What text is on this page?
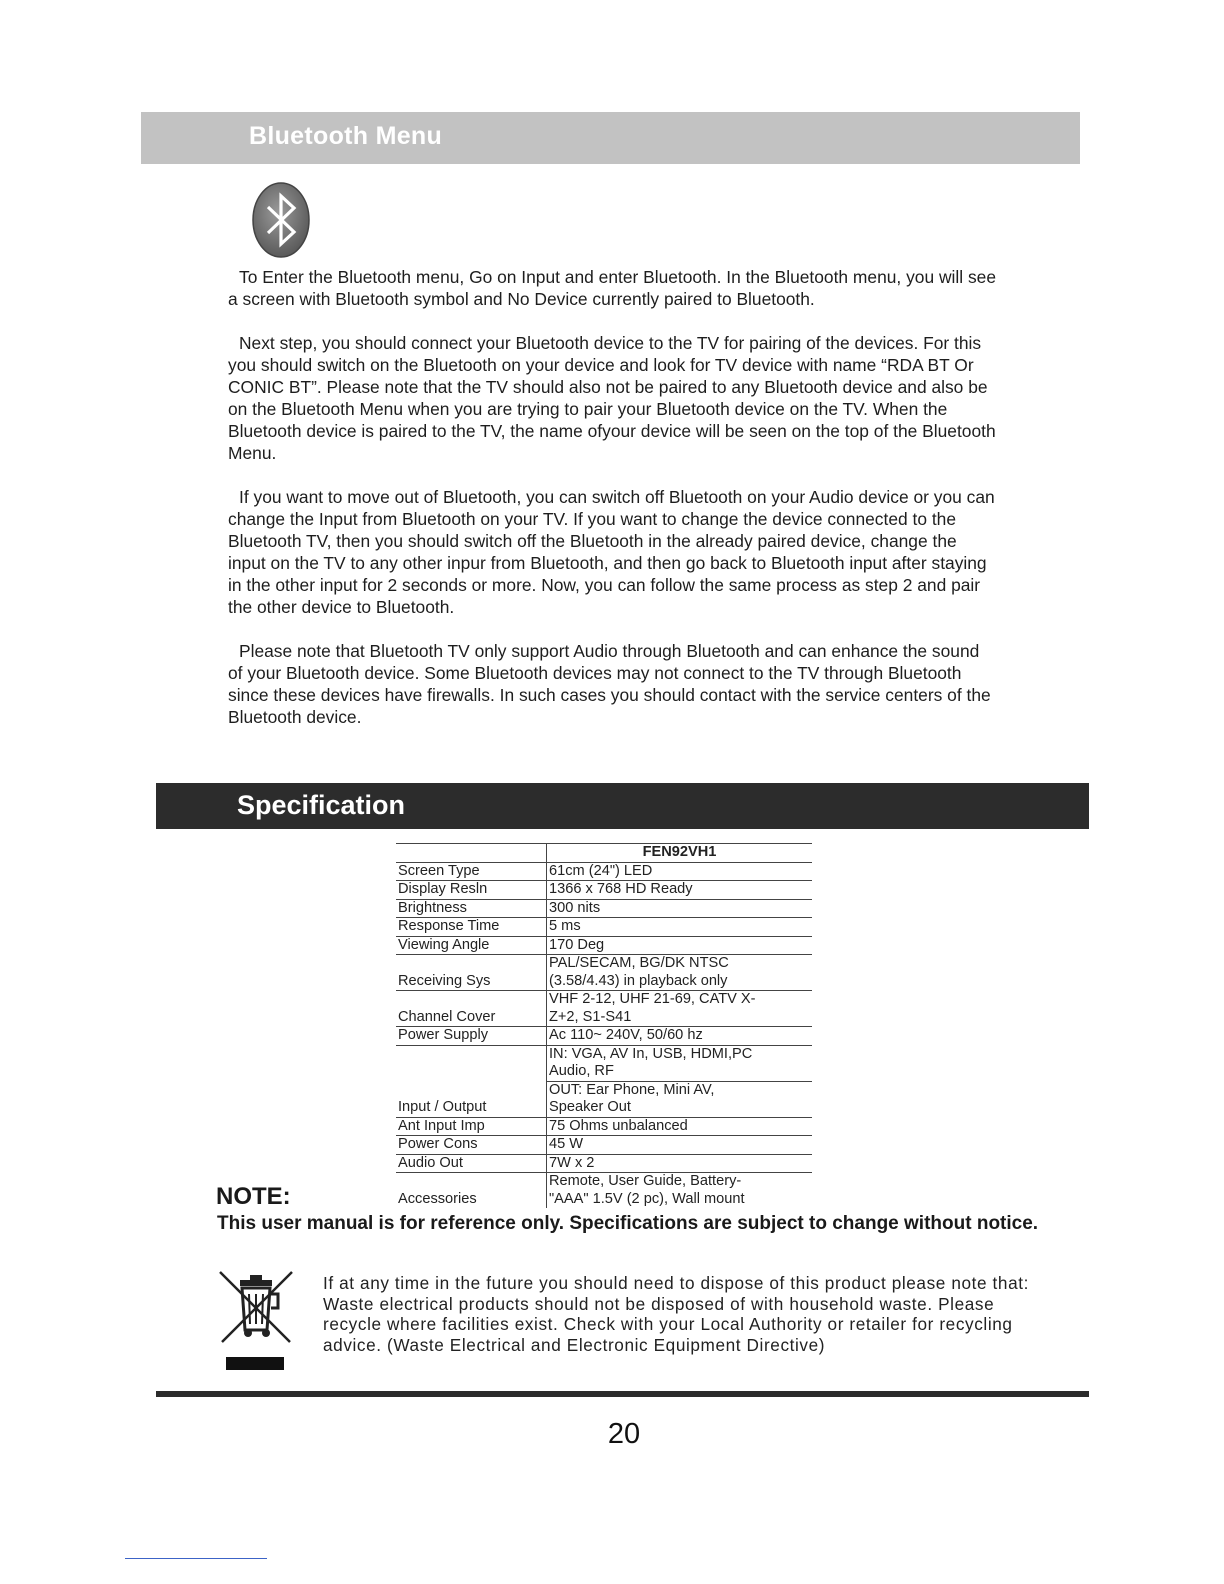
Bluetooth Menu

To Enter the Bluetooth menu, Go on Input and enter Bluetooth. In the Bluetooth menu, you will see a screen with Bluetooth symbol and No Device currently paired to Bluetooth.

Next step, you should connect your Bluetooth device to the TV for pairing of the devices. For this you should switch on the Bluetooth on your device and look for TV device with name “RDA BT Or CONIC BT”. Please note that the TV should also not be paired to any Bluetooth device and also be on the Bluetooth Menu when you are trying to pair your Bluetooth device on the TV. When the Bluetooth device is paired to the TV, the name ofyour device will be seen on the top of the Bluetooth Menu.

If you want to move out of Bluetooth, you can switch off Bluetooth on your Audio device or you can change the Input from Bluetooth on your TV. If you want to change the device connected to the Bluetooth TV, then you should switch off the Bluetooth in the already paired device, change the input on the TV to any other inpur from Bluetooth, and then go back to Bluetooth input after staying in the other input for 2 seconds or more. Now, you can follow the same process as step 2 and pair the other device to Bluetooth.

Please note that Bluetooth TV only support Audio through Bluetooth and can enhance the sound of your Bluetooth device. Some Bluetooth devices may not connect to the TV through Bluetooth since these devices have firewalls. In such cases you should contact with the service centers of the Bluetooth device.

Specification
	FEN92VH1
Screen Type	61cm (24") LED
Display Resln	1366 x 768 HD Ready
Brightness	300 nits
Response Time	5 ms
Viewing Angle	170 Deg
Receiving Sys	PAL/SECAM, BG/DK NTSC
(3.58/4.43) in playback only

Channel Cover	VHF 2-12, UHF 21-69, CATV X-
Z+2, S1-S41

Power Supply	Ac 110~ 240V, 50/60 hz

	IN: VGA, AV In, USB, HDMI,PC
Audio, RF

Input / Output	OUT: Ear Phone, Mini AV,
Speaker Out

Ant Input Imp	75 Ohms unbalanced
Power Cons	45 W
Audio Out	7W x 2
Accessories	Remote, User Guide, Battery-
"AAA" 1.5V (2 pc), Wall mount
NOTE:
This user manual is for reference only. Specifications are subject to change without notice.
If at any time in the future you should need to dispose of this product please note that: Waste electrical products should not be disposed of with household waste. Please recycle where facilities exist. Check with your Local Authority or retailer for recycling advice. (Waste Electrical and Electronic Equipment Directive)
20
